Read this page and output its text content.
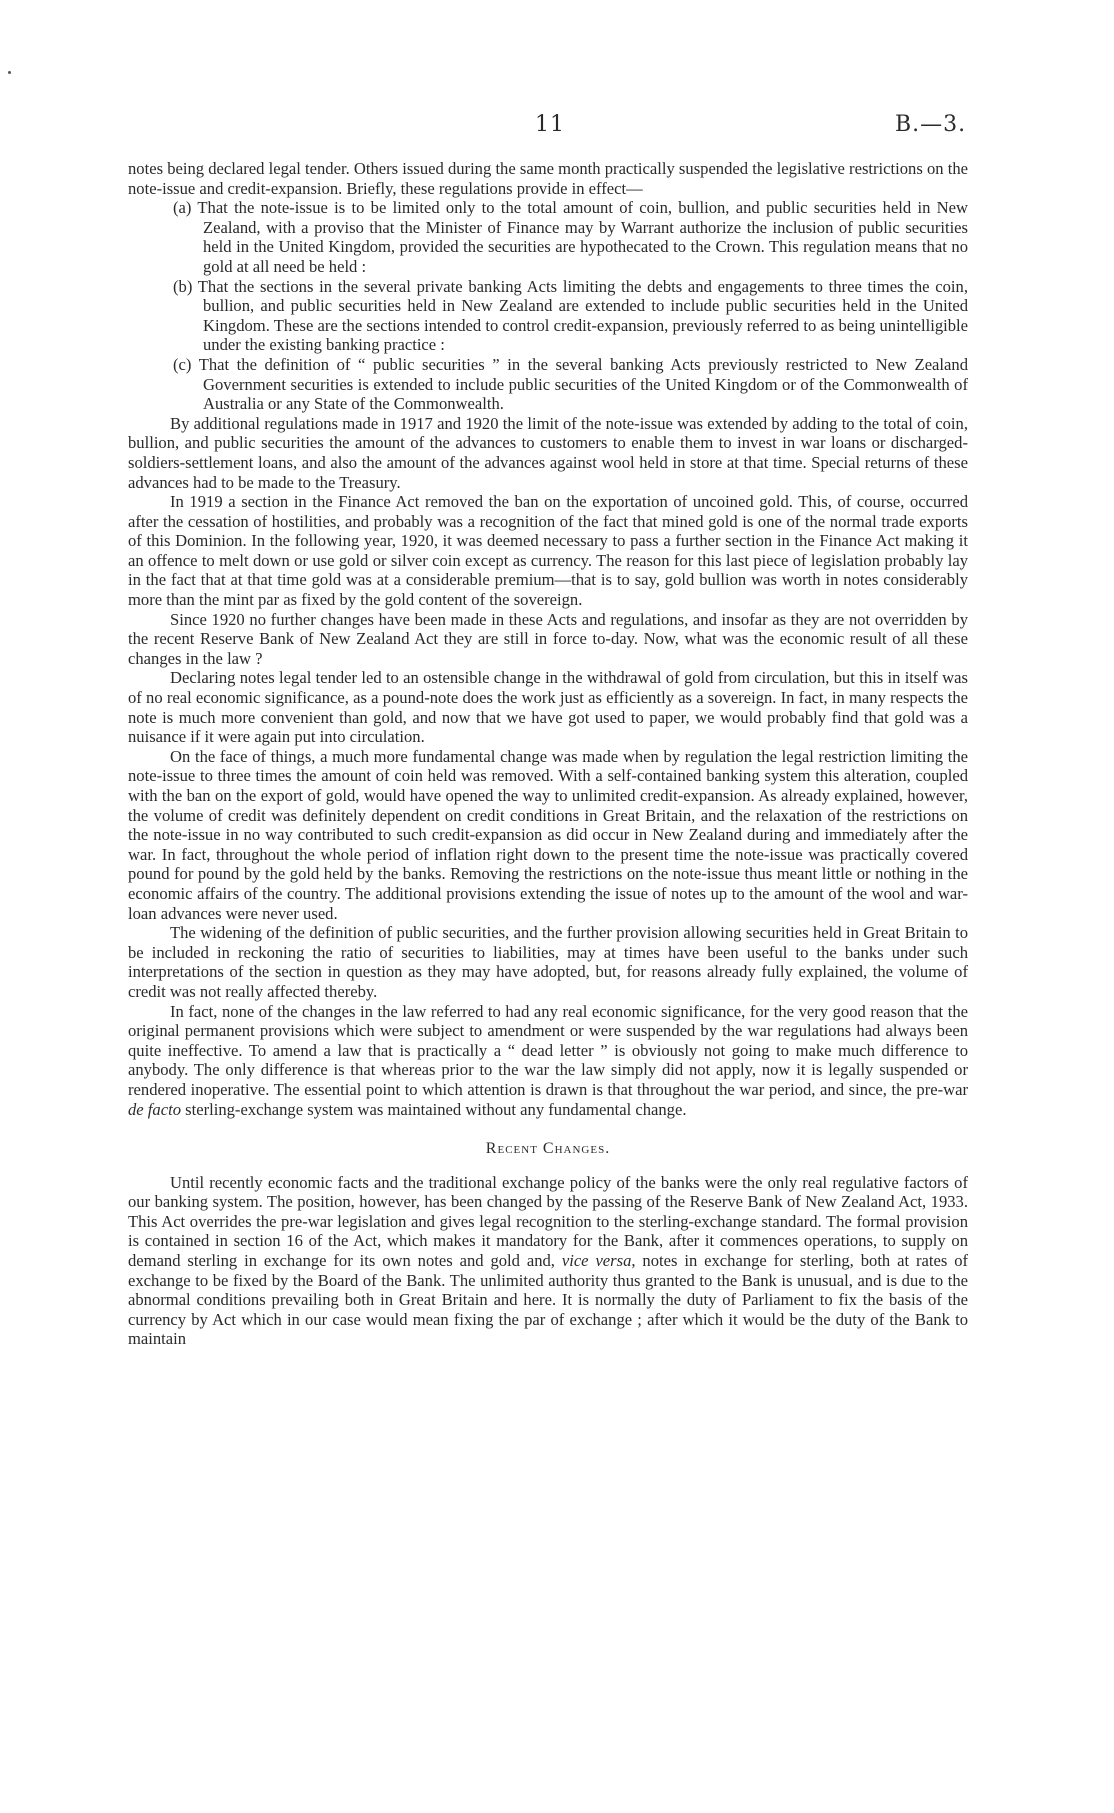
11	B.—3.

notes being declared legal tender. Others issued during the same month practically suspended the legislative restrictions on the note-issue and credit-expansion. Briefly, these regulations provide in effect—

(a) That the note-issue is to be limited only to the total amount of coin, bullion, and public securities held in New Zealand, with a proviso that the Minister of Finance may by Warrant authorize the inclusion of public securities held in the United Kingdom, provided the securities are hypothecated to the Crown. This regulation means that no gold at all need be held :

(b) That the sections in the several private banking Acts limiting the debts and engagements to three times the coin, bullion, and public securities held in New Zealand are extended to include public securities held in the United Kingdom. These are the sections intended to control credit-expansion, previously referred to as being unintelligible under the existing banking practice :

(c) That the definition of “ public securities ” in the several banking Acts previously restricted to New Zealand Government securities is extended to include public securities of the United Kingdom or of the Commonwealth of Australia or any State of the Commonwealth.

By additional regulations made in 1917 and 1920 the limit of the note-issue was extended by adding to the total of coin, bullion, and public securities the amount of the advances to customers to enable them to invest in war loans or discharged-soldiers-settlement loans, and also the amount of the advances against wool held in store at that time. Special returns of these advances had to be made to the Treasury.

In 1919 a section in the Finance Act removed the ban on the exportation of uncoined gold. This, of course, occurred after the cessation of hostilities, and probably was a recognition of the fact that mined gold is one of the normal trade exports of this Dominion. In the following year, 1920, it was deemed necessary to pass a further section in the Finance Act making it an offence to melt down or use gold or silver coin except as currency. The reason for this last piece of legislation probably lay in the fact that at that time gold was at a considerable premium—that is to say, gold bullion was worth in notes considerably more than the mint par as fixed by the gold content of the sovereign.

Since 1920 no further changes have been made in these Acts and regulations, and insofar as they are not overridden by the recent Reserve Bank of New Zealand Act they are still in force to-day. Now, what was the economic result of all these changes in the law ?

Declaring notes legal tender led to an ostensible change in the withdrawal of gold from circulation, but this in itself was of no real economic significance, as a pound-note does the work just as efficiently as a sovereign. In fact, in many respects the note is much more convenient than gold, and now that we have got used to paper, we would probably find that gold was a nuisance if it were again put into circulation.

On the face of things, a much more fundamental change was made when by regulation the legal restriction limiting the note-issue to three times the amount of coin held was removed. With a self-contained banking system this alteration, coupled with the ban on the export of gold, would have opened the way to unlimited credit-expansion. As already explained, however, the volume of credit was definitely dependent on credit conditions in Great Britain, and the relaxation of the restrictions on the note-issue in no way contributed to such credit-expansion as did occur in New Zealand during and immediately after the war. In fact, throughout the whole period of inflation right down to the present time the note-issue was practically covered pound for pound by the gold held by the banks. Removing the restrictions on the note-issue thus meant little or nothing in the economic affairs of the country. The additional provisions extending the issue of notes up to the amount of the wool and war-loan advances were never used.

The widening of the definition of public securities, and the further provision allowing securities held in Great Britain to be included in reckoning the ratio of securities to liabilities, may at times have been useful to the banks under such interpretations of the section in question as they may have adopted, but, for reasons already fully explained, the volume of credit was not really affected thereby.

In fact, none of the changes in the law referred to had any real economic significance, for the very good reason that the original permanent provisions which were subject to amendment or were suspended by the war regulations had always been quite ineffective. To amend a law that is practically a “ dead letter ” is obviously not going to make much difference to anybody. The only difference is that whereas prior to the war the law simply did not apply, now it is legally suspended or rendered inoperative. The essential point to which attention is drawn is that throughout the war period, and since, the pre-war de facto sterling-exchange system was maintained without any fundamental change.

Recent Changes.

Until recently economic facts and the traditional exchange policy of the banks were the only real regulative factors of our banking system. The position, however, has been changed by the passing of the Reserve Bank of New Zealand Act, 1933. This Act overrides the pre-war legislation and gives legal recognition to the sterling-exchange standard. The formal provision is contained in section 16 of the Act, which makes it mandatory for the Bank, after it commences operations, to supply on demand sterling in exchange for its own notes and gold and, vice versa, notes in exchange for sterling, both at rates of exchange to be fixed by the Board of the Bank. The unlimited authority thus granted to the Bank is unusual, and is due to the abnormal conditions prevailing both in Great Britain and here. It is normally the duty of Parliament to fix the basis of the currency by Act which in our case would mean fixing the par of exchange ; after which it would be the duty of the Bank to maintain
